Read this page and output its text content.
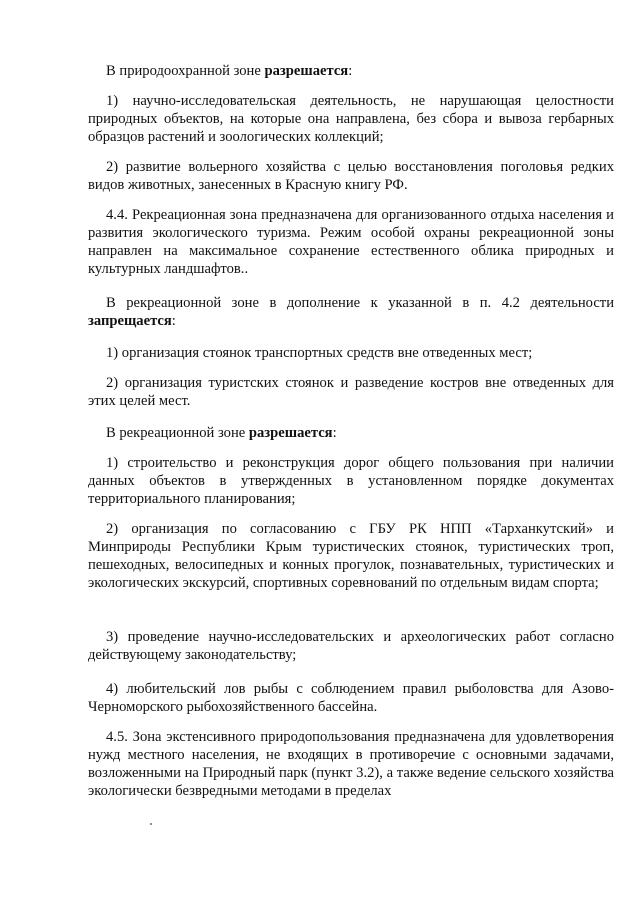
В природоохранной зоне разрешается:

1) научно-исследовательская деятельность, не нарушающая целостности природных объектов, на которые она направлена, без сбора и вывоза гербарных образцов растений и зоологических коллекций;

2) развитие вольерного хозяйства с целью восстановления поголовья редких видов животных, занесенных в Красную книгу РФ.

4.4. Рекреационная зона предназначена для организованного отдыха населения и развития экологического туризма. Режим особой охраны рекреационной зоны направлен на максимальное сохранение естественного облика природных и культурных ландшафтов..

В рекреационной зоне в дополнение к указанной в п. 4.2 деятельности запрещается:

1) организация стоянок транспортных средств вне отведенных мест;

2) организация туристских стоянок и разведение костров вне отведенных для этих целей мест.

В рекреационной зоне разрешается:

1) строительство и реконструкция дорог общего пользования при наличии данных объектов в утвержденных в установленном порядке документах территориального планирования;

2) организация по согласованию с ГБУ РК НПП «Тарханкутский» и Минприроды Республики Крым туристических стоянок, туристических троп, пешеходных, велосипедных и конных прогулок, познавательных, туристических и экологических экскурсий, спортивных соревнований по отдельным видам спорта;

3) проведение научно-исследовательских и археологических работ согласно действующему законодательству;

4) любительский лов рыбы с соблюдением правил рыболовства для Азово-Черноморского рыбохозяйственного бассейна.

4.5. Зона экстенсивного природопользования предназначена для удовлетворения нужд местного населения, не входящих в противоречие с основными задачами, возложенными на Природный парк (пункт 3.2), а также ведение сельского хозяйства экологически безвредными методами в пределах
